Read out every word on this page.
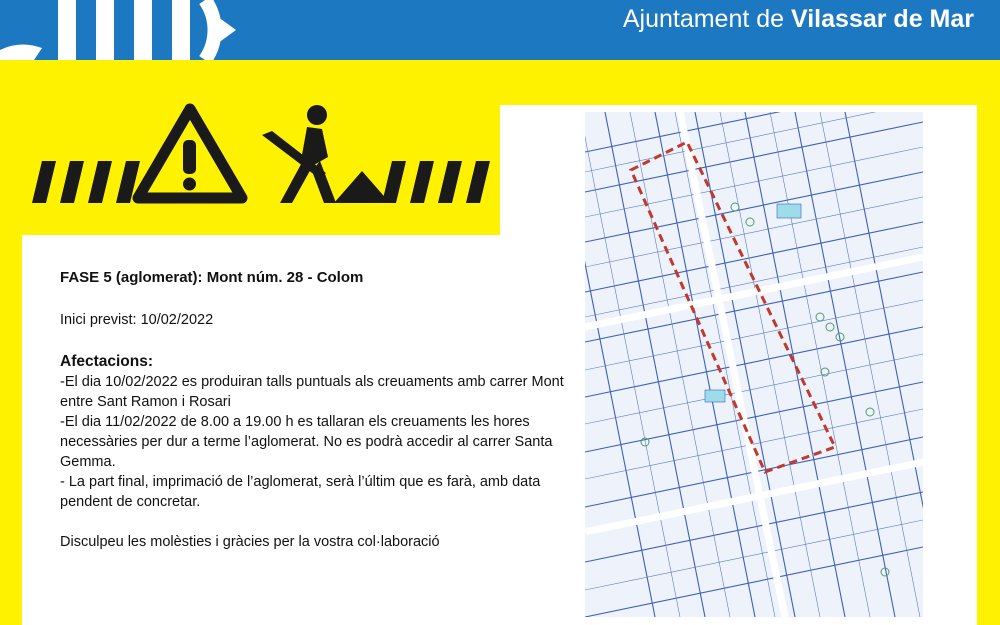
Ajuntament de Vilassar de Mar

FASE 5 (aglomerat): Mont núm. 28 - Colom

Inici previst: 10/02/2022

Afectacions:

-El dia 10/02/2022 es produiran talls puntuals als creuaments amb carrer Mont entre Sant Ramon i Rosari

-El dia 11/02/2022 de 8.00 a 19.00 h es tallaran els creuaments les hores necessàries per dur a terme l’aglomerat. No es podrà accedir al carrer Santa Gemma.

- La part final, imprimació de l’aglomerat, serà l’últim que es farà, amb data pendent de concretar.

Disculpeu les molèsties i gràcies per la vostra col·laboració
